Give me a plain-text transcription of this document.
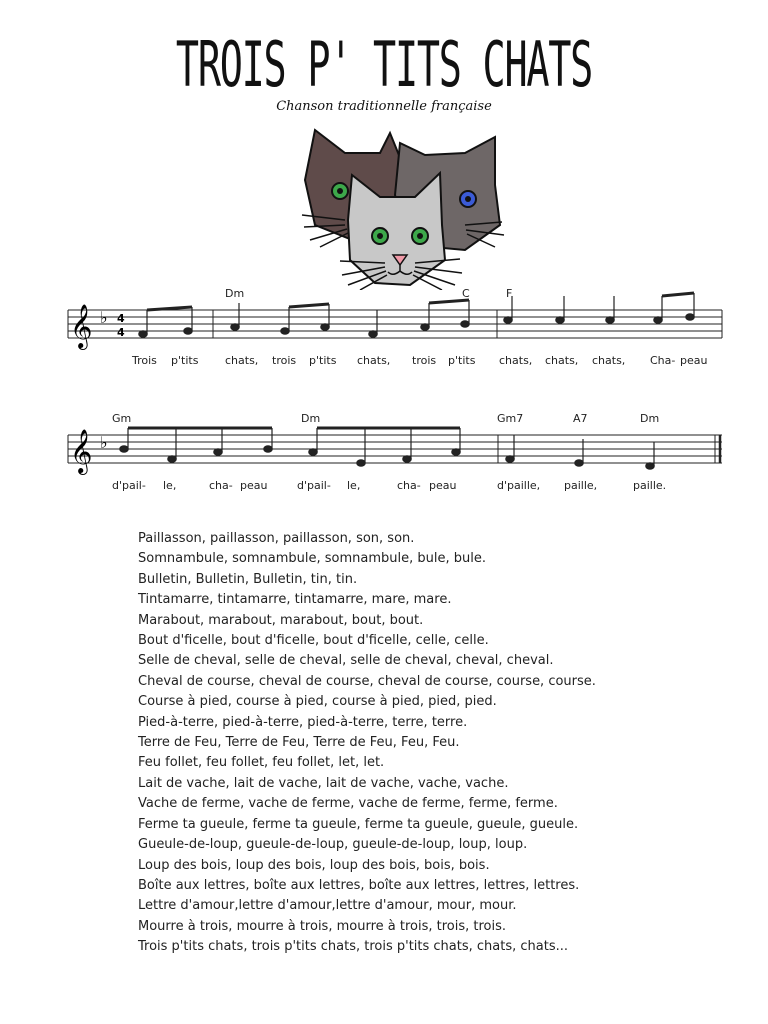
TROIS P' TITS CHATS
Chanson traditionnelle française
𝄞 ♭ 4
4
Dm	C	F
Trois p'tits chats, trois p'tits chats, trois p'tits chats, chats, chats, Cha- peau
𝄞 ♭
Gm	Dm	Gm7	A7	Dm
d'pail- le,	cha- peau	d'pail- le,	cha- peau	d'paille, paille,	paille.
Paillasson, paillasson, paillasson, son, son.
Somnambule, somnambule, somnambule, bule, bule.
Bulletin, Bulletin, Bulletin, tin, tin.
Tintamarre, tintamarre, tintamarre, mare, mare.
Marabout, marabout, marabout, bout, bout.
Bout d'ficelle, bout d'ficelle, bout d'ficelle, celle, celle.
Selle de cheval, selle de cheval, selle de cheval, cheval, cheval.
Cheval de course, cheval de course, cheval de course, course, course.
Course à pied, course à pied, course à pied, pied, pied.
Pied-à-terre, pied-à-terre, pied-à-terre, terre, terre.
Terre de Feu, Terre de Feu, Terre de Feu, Feu, Feu.
Feu follet, feu follet, feu follet, let, let.
Lait de vache, lait de vache, lait de vache, vache, vache.
Vache de ferme, vache de ferme, vache de ferme, ferme, ferme.
Ferme ta gueule, ferme ta gueule, ferme ta gueule, gueule, gueule.
Gueule-de-loup, gueule-de-loup, gueule-de-loup, loup, loup.
Loup des bois, loup des bois, loup des bois, bois, bois.
Boîte aux lettres, boîte aux lettres, boîte aux lettres, lettres, lettres.
Lettre d'amour,lettre d'amour,lettre d'amour, mour, mour.
Mourre à trois, mourre à trois, mourre à trois, trois, trois.
Trois p'tits chats, trois p'tits chats, trois p'tits chats, chats, chats...
